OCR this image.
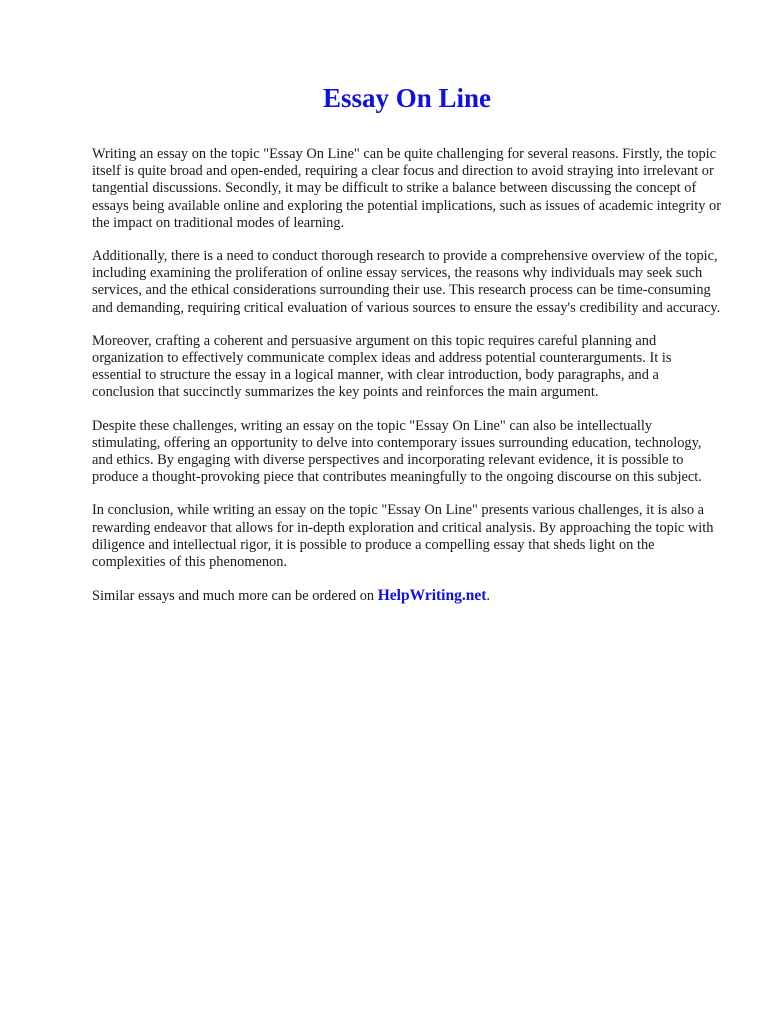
Essay On Line

Writing an essay on the topic "Essay On Line" can be quite challenging for several reasons. Firstly, the topic itself is quite broad and open-ended, requiring a clear focus and direction to avoid straying into irrelevant or tangential discussions. Secondly, it may be difficult to strike a balance between discussing the concept of essays being available online and exploring the potential implications, such as issues of academic integrity or the impact on traditional modes of learning.

Additionally, there is a need to conduct thorough research to provide a comprehensive overview of the topic, including examining the proliferation of online essay services, the reasons why individuals may seek such services, and the ethical considerations surrounding their use. This research process can be time-consuming and demanding, requiring critical evaluation of various sources to ensure the essay's credibility and accuracy.

Moreover, crafting a coherent and persuasive argument on this topic requires careful planning and organization to effectively communicate complex ideas and address potential counterarguments. It is essential to structure the essay in a logical manner, with clear introduction, body paragraphs, and a conclusion that succinctly summarizes the key points and reinforces the main argument.

Despite these challenges, writing an essay on the topic "Essay On Line" can also be intellectually stimulating, offering an opportunity to delve into contemporary issues surrounding education, technology, and ethics. By engaging with diverse perspectives and incorporating relevant evidence, it is possible to produce a thought-provoking piece that contributes meaningfully to the ongoing discourse on this subject.

In conclusion, while writing an essay on the topic "Essay On Line" presents various challenges, it is also a rewarding endeavor that allows for in-depth exploration and critical analysis. By approaching the topic with diligence and intellectual rigor, it is possible to produce a compelling essay that sheds light on the complexities of this phenomenon.

Similar essays and much more can be ordered on HelpWriting.net.
